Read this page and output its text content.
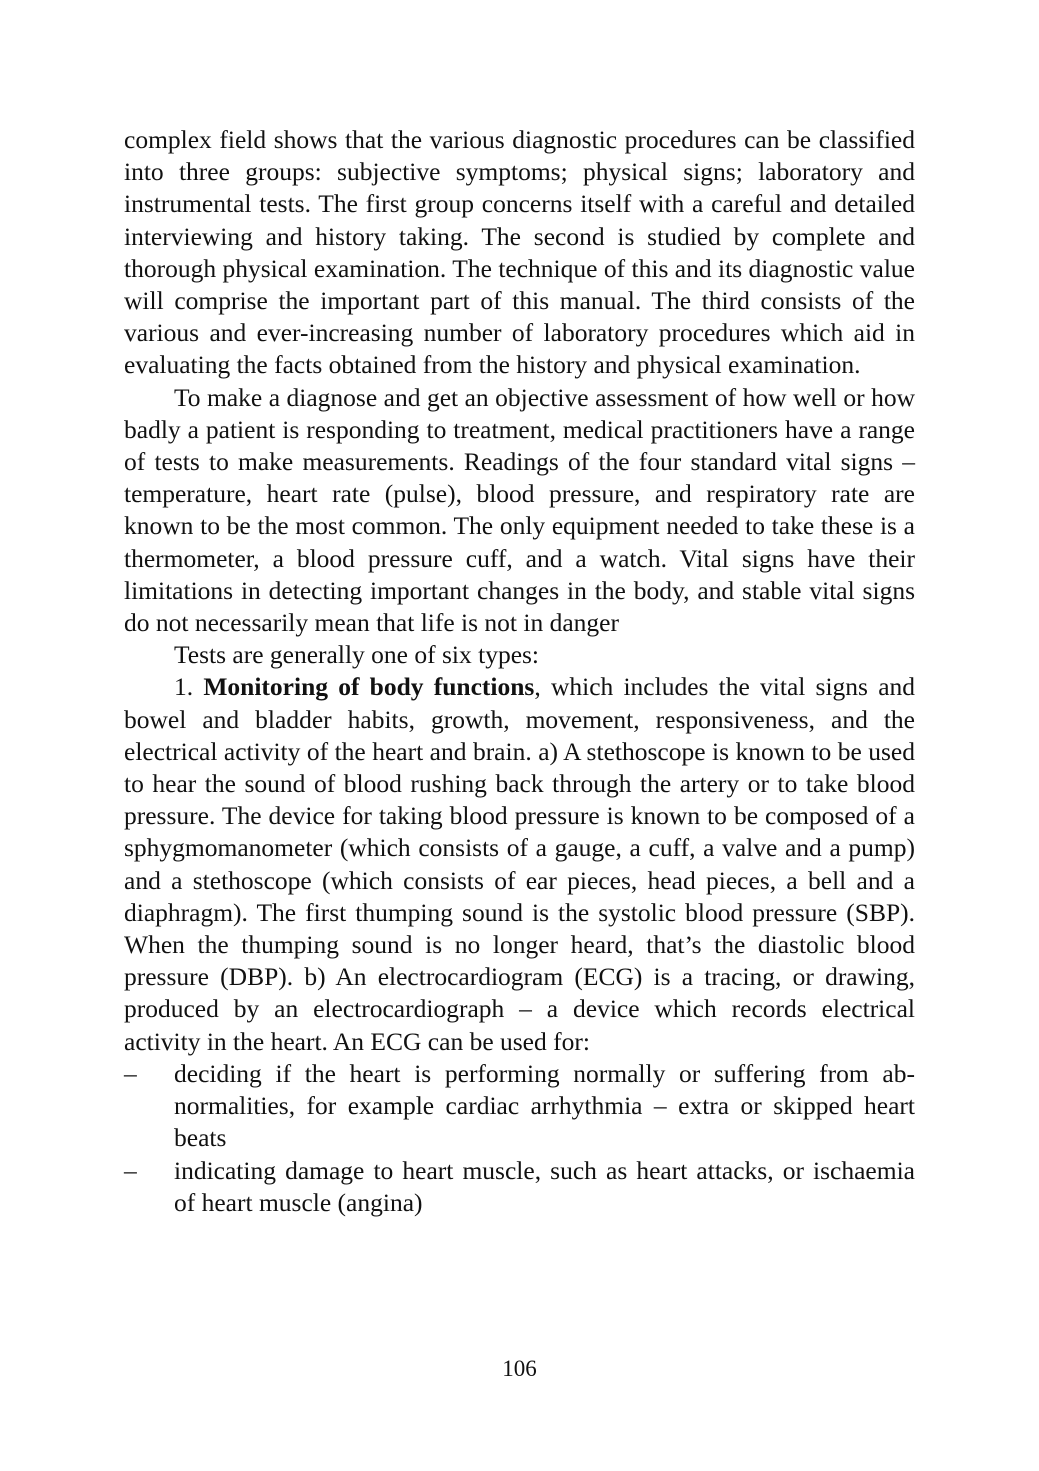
complex field shows that the various diagnostic procedures can be classified into three groups: subjective symptoms; physical signs; laboratory and instrumental tests. The first group concerns itself with a careful and detailed interviewing and history taking. The second is studied by complete and thorough physical examination. The technique of this and its diagnostic value will comprise the important part of this manual. The third consists of the various and ever-increasing number of laboratory procedures which aid in evaluating the facts obtained from the history and physical examination.

To make a diagnose and get an objective assessment of how well or how badly a patient is responding to treatment, medical practitioners have a range of tests to make measurements. Readings of the four standard vital signs – temperature, heart rate (pulse), blood pressure, and respiratory rate are known to be the most common. The only equipment needed to take these is a thermometer, a blood pressure cuff, and a watch. Vital signs have their limitations in detecting important changes in the body, and stable vital signs do not necessarily mean that life is not in danger

Tests are generally one of six types:

1. Monitoring of body functions, which includes the vital signs and bowel and bladder habits, growth, movement, responsiveness, and the electrical activity of the heart and brain. a) A stethoscope is known to be used to hear the sound of blood rushing back through the artery or to take blood pressure. The device for taking blood pressure is known to be composed of a sphygmomanometer (which consists of a gauge, a cuff, a valve and a pump) and a stethoscope (which consists of ear pieces, head pieces, a bell and a diaphragm). The first thumping sound is the systolic blood pressure (SBP). When the thumping sound is no longer heard, that’s the diastolic blood pressure (DBP). b) An electrocardiogram (ECG) is a tracing, or drawing, produced by an electrocardiograph – a device which records electrical activity in the heart. An ECG can be used for:

– deciding if the heart is performing normally or suffering from abnormalities, for example cardiac arrhythmia – extra or skipped heart beats
– indicating damage to heart muscle, such as heart attacks, or ischaemia of heart muscle (angina)
106
